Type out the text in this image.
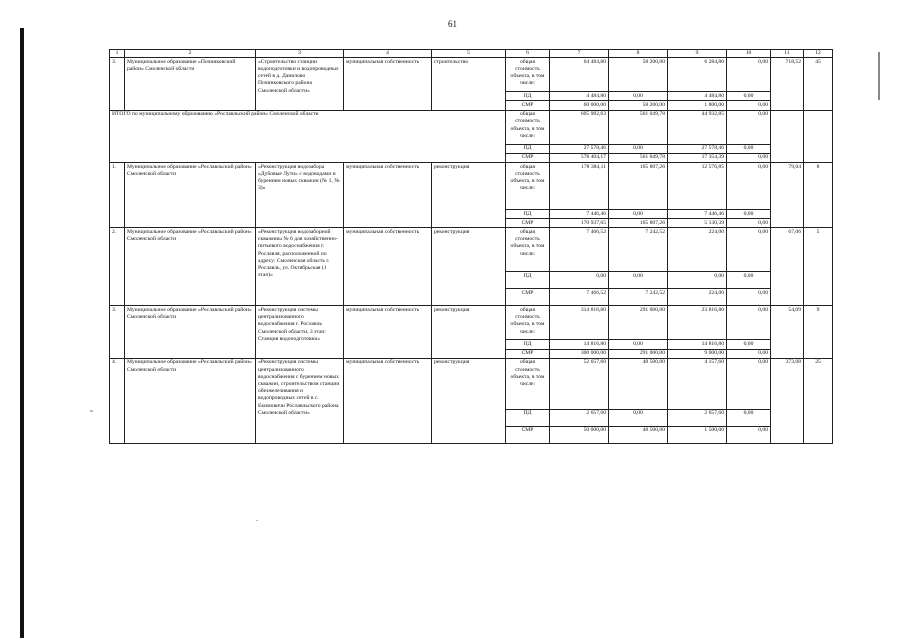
61
1	2	3	4	5	6	7	8	9	10	11	12
3.	Муниципальное образование «Починковский район» Смоленской области	«Строительство станции водоподготовки и водопроводных сетей в д. Данилово Починковского района Смоленской области»	муниципальная собственность	строительство	общая стоимость объекта, в том числе:	64 484,80	58 200,00	6 284,80	0,00	718,52	45
					ПД	4 484,80	0,00	4 484,80	0,00		
					СМР	60 000,00	58 200,00	1 800,00	0,00		
ИТОГО по муниципальному образованию «Рославльский район» Смоленской области					общая стоимость объекта, в том числе:	605 982,63	561 049,78	44 932,85	0,00		
					ПД	27 578,46	0,00	27 578,46	0,00		
					СМР	578 404,17	561 049,78	17 354,39	0,00		
1.	Муниципальное образование «Рославльский район» Смоленской области	«Реконструкция водозабора «Дубовые Лути» с водоводами и бурением новых скважин (№ 1, № 3)»	муниципальная собственность	реконструкция	общая стоимость объекта, в том числе:	178 384,11	165 807,26	12 576,85	0,00	79,04	8
					ПД	7 446,46	0,00	7 446,46	0,00		
					СМР	170 937,65	165 807,26	5 130,39	0,00		
2.	Муниципальное образование «Рославльский район» Смоленской области	«Реконструкция водозаборной скважины № 6 для хозяйственно-питьевого водоснабжения г. Рославля, расположенной по адресу: Смоленская область г. Рославль, ул. Октябрьская (1 этап)»	муниципальная собственность	реконструкция	общая стоимость объекта, в том числе:	7 466,52	7 242,52	224,00	0,00	67,06	5
					ПД	0,00	0,00	0,00	0,00		
					СМР	7 466,52	7 242,52	224,00	0,00		
3.	Муниципальное образование «Рославльский район» Смоленской области	«Реконструкция системы централизованного водоснабжения г. Рославль Смоленской области, 3 этап: Станция водоподготовки»	муниципальная собственность	реконструкция	общая стоимость объекта, в том числе:	314 816,80	291 000,00	23 816,80	0,00	54,09	9
					ПД	14 816,80	0,00	14 816,80	0,00		
					СМР	300 000,00	291 000,00	9 000,00	0,00		
4.	Муниципальное образование «Рославльский район» Смоленской области	«Реконструкция системы централизованного водоснабжения с бурением новых скважин, строительством станции обезжелезивания и водопроводных сетей в с. Екимовичи Рославльского района Смоленской области»	муниципальная собственность	реконструкция	общая стоимость объекта, в том числе:	52 657,60	48 500,00	4 157,60	0,00	373,08	25
					ПД	2 657,60	0,00	2 657,60	0,00		
					СМР	50 000,00	48 500,00	1 500,00	0,00		
